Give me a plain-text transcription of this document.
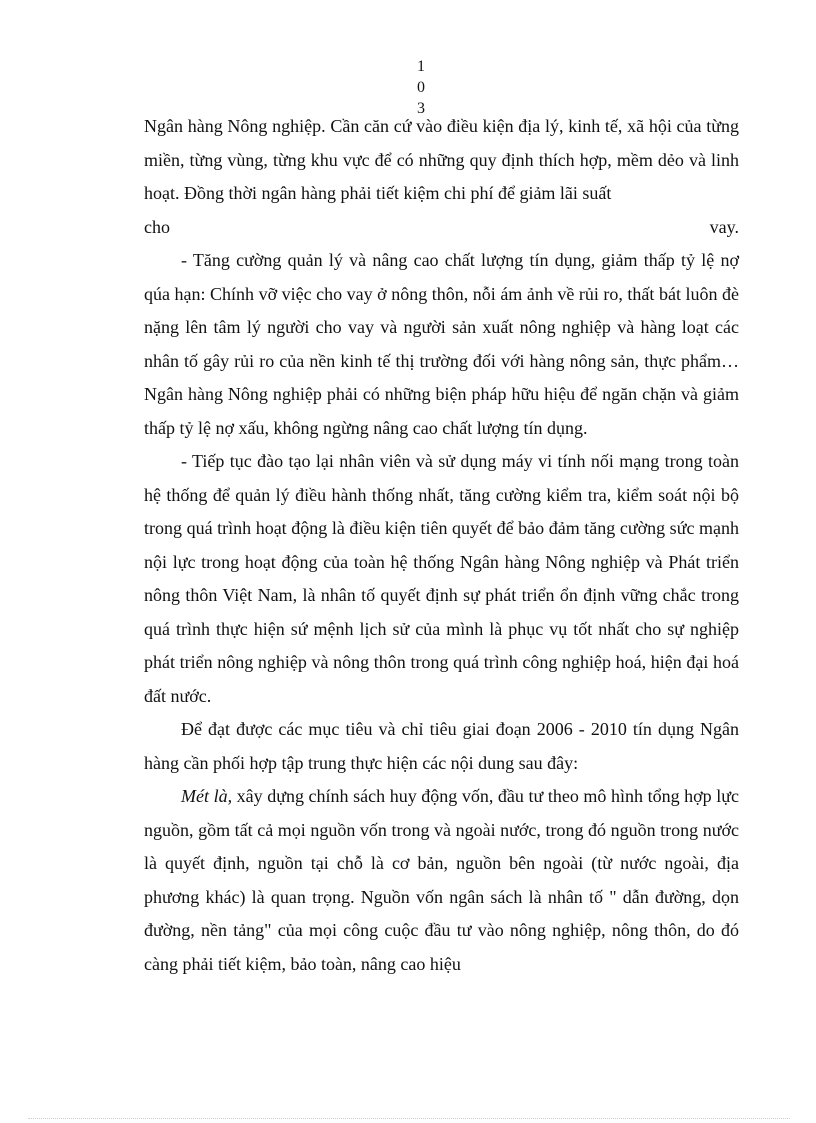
1
0
3

Ngân hàng Nông nghiệp. Cần căn cứ vào điều kiện địa lý, kinh tế, xã hội của từng miền, từng vùng, từng khu vực để có những quy định thích hợp, mềm dẻo và linh hoạt. Đồng thời ngân hàng phải tiết kiệm chi phí để giảm lãi suất

cho	vay.

- Tăng cường quản lý và nâng cao chất lượng tín dụng, giảm thấp tỷ lệ nợ qúa hạn: Chính vỡ việc cho vay ở nông thôn, nỗi ám ảnh về rủi ro, thất bát luôn đè nặng lên tâm lý người cho vay và người sản xuất nông nghiệp và hàng loạt các nhân tố gây rủi ro của nền kinh tế thị trường đối với hàng nông sản, thực phẩm… Ngân hàng Nông nghiệp phải có những biện pháp hữu hiệu để ngăn chặn và giảm thấp tỷ lệ nợ xấu, không ngừng nâng cao chất lượng tín dụng.

- Tiếp tục đào tạo lại nhân viên và sử dụng máy vi tính nối mạng trong toàn hệ thống để quản lý điều hành thống nhất, tăng cường kiểm tra, kiểm soát nội bộ trong quá trình hoạt động là điều kiện tiên quyết để bảo đảm tăng cường sức mạnh nội lực trong hoạt động của toàn hệ thống Ngân hàng Nông nghiệp và Phát triển nông thôn Việt Nam, là nhân tố quyết định sự phát triển ổn định vững chắc trong quá trình thực hiện sứ mệnh lịch sử của mình là phục vụ tốt nhất cho sự nghiệp phát triển nông nghiệp và nông thôn trong quá trình công nghiệp hoá, hiện đại hoá đất nước.

Để đạt được các mục tiêu và chỉ tiêu giai đoạn 2006 - 2010 tín dụng Ngân hàng cần phối hợp tập trung thực hiện các nội dung sau đây:

Mét là, xây dựng chính sách huy động vốn, đầu tư theo mô hình tổng hợp lực nguồn, gồm tất cả mọi nguồn vốn trong và ngoài nước, trong đó nguồn trong nước là quyết định, nguồn tại chỗ là cơ bản, nguồn bên ngoài (từ nước ngoài, địa phương khác) là quan trọng. Nguồn vốn ngân sách là nhân tố " dẫn đường, dọn đường, nền tảng" của mọi công cuộc đầu tư vào nông nghiệp, nông thôn, do đó càng phải tiết kiệm, bảo toàn, nâng cao hiệu
